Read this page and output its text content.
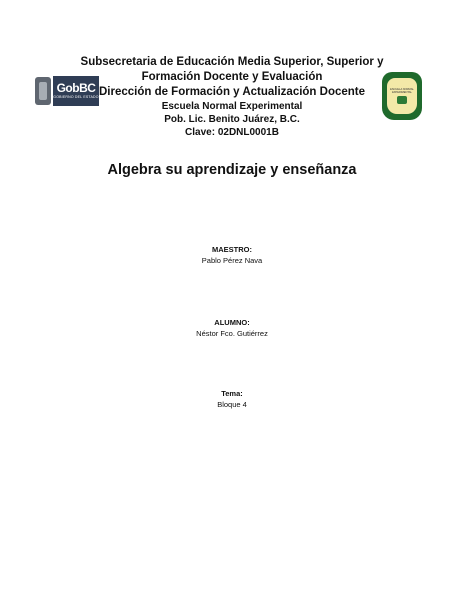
GobBC
GOBIERNO DEL ESTADO
ESCUELA NORMAL EXPERIMENTAL
Subsecretaria de Educación Media Superior, Superior y
Formación Docente y Evaluación
Dirección de Formación y Actualización Docente
Escuela Normal Experimental
Pob. Lic. Benito Juárez, B.C.
Clave: 02DNL0001B
Algebra su aprendizaje y enseñanza
MAESTRO:
Pablo Pérez Nava
ALUMNO:
Néstor Fco. Gutiérrez
Tema:
Bloque 4
